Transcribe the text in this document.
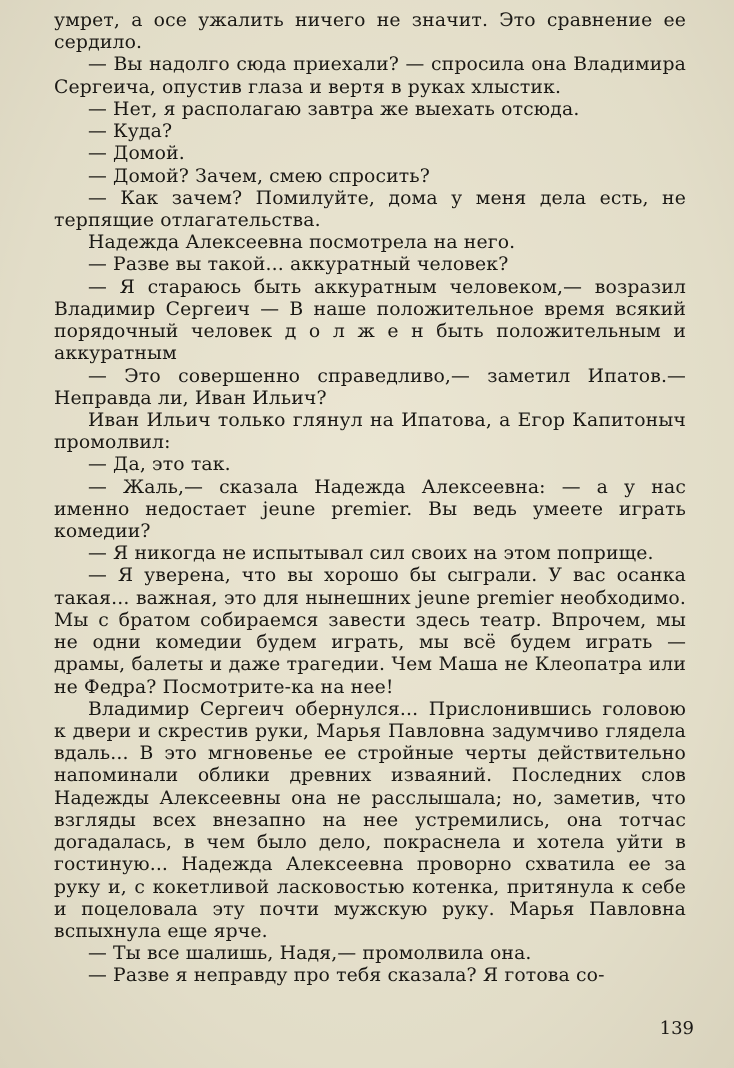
умрет, а осе ужалить ничего не значит. Это сравнение ее сердило.

— Вы надолго сюда приехали? — спросила она Владимира Сергеича, опустив глаза и вертя в руках хлыстик.

— Нет, я располагаю завтра же выехать отсюда.

— Куда?

— Домой.

— Домой? Зачем, смею спросить?

— Как зачем? Помилуйте, дома у меня дела есть, не терпящие отлагательства.

Надежда Алексеевна посмотрела на него.

— Разве вы такой... аккуратный человек?

— Я стараюсь быть аккуратным человеком,— возразил Владимир Сергеич — В наше положительное время всякий порядочный человек д о л ж е н быть положительным и аккуратным

— Это совершенно справедливо,— заметил Ипатов.— Неправда ли, Иван Ильич?

Иван Ильич только глянул на Ипатова, а Егор Капитоныч промолвил:

— Да, это так.

— Жаль,— сказала Надежда Алексеевна: — а у нас именно недостает jeune premier. Вы ведь умеете играть комедии?

— Я никогда не испытывал сил своих на этом поприще.

— Я уверена, что вы хорошо бы сыграли. У вас осанка такая... важная, это для нынешних jeune premier необходимо. Мы с братом собираемся завести здесь театр. Впрочем, мы не одни комедии будем играть, мы всё будем играть — драмы, балеты и даже трагедии. Чем Маша не Клеопатра или не Федра? Посмотрите-ка на нее!

Владимир Сергеич обернулся... Прислонившись головою к двери и скрестив руки, Марья Павловна задумчиво глядела вдаль... В это мгновенье ее стройные черты действительно напоминали облики древних изваяний. Последних слов Надежды Алексеевны она не расслышала; но, заметив, что взгляды всех внезапно на нее устремились, она тотчас догадалась, в чем было дело, покраснела и хотела уйти в гостиную... Надежда Алексеевна проворно схватила ее за руку и, с кокетливой ласковостью котенка, притянула к себе и поцеловала эту почти мужскую руку. Марья Павловна вспыхнула еще ярче.

— Ты все шалишь, Надя,— промолвила она.

— Разве я неправду про тебя сказала? Я готова со-

139
